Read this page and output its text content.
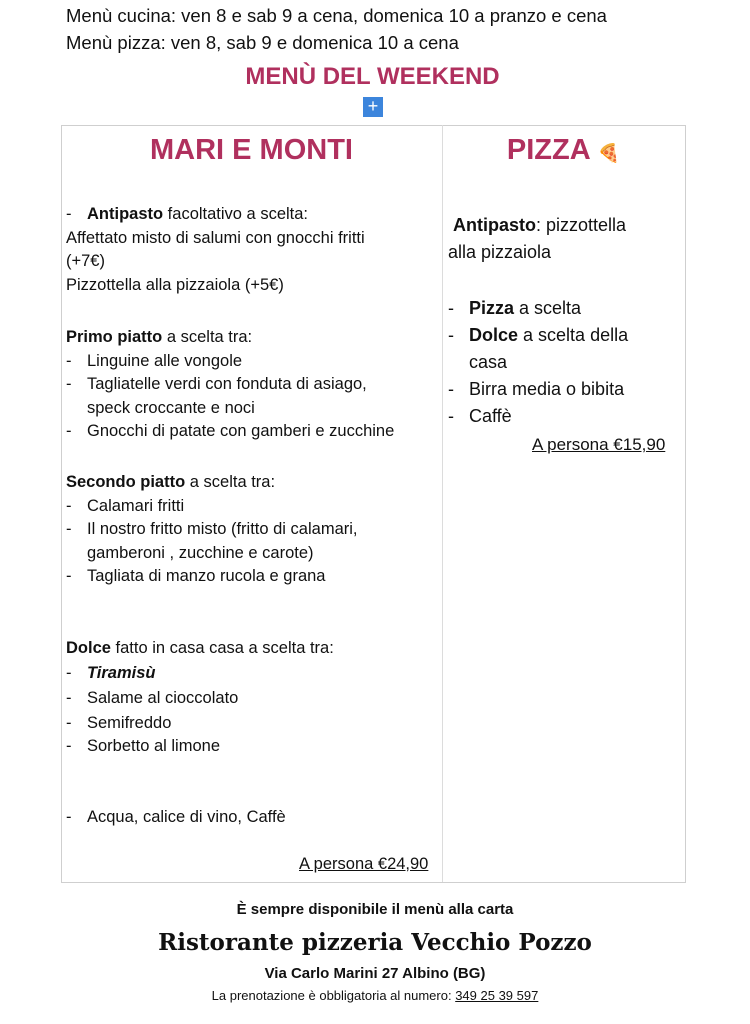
Menù cucina: ven 8 e sab 9 a cena, domenica 10 a pranzo e cena
Menù pizza: ven 8, sab 9 e domenica 10 a cena
MENÙ DEL WEEKEND
+
MARI E MONTI	PIZZA 🍕
- Antipasto facoltativo a scelta:
Affettato misto di salumi con gnocchi fritti
(+7€)
Pizzottella alla pizzaiola (+5€)
Primo piatto a scelta tra:
- Linguine alle vongole
- Tagliatelle verdi con fonduta di asiago,
speck croccante e noci
- Gnocchi di patate con gamberi e zucchine
Secondo piatto a scelta tra:
- Calamari fritti
- Il nostro fritto misto (fritto di calamari,
gamberoni , zucchine e carote)
- Tagliata di manzo rucola e grana
Dolce fatto in casa casa a scelta tra:
- Tiramisù
- Salame al cioccolato
- Semifreddo
- Sorbetto al limone
- Acqua, calice di vino, Caffè
A persona €24,90
Antipasto: pizzottella
alla pizzaiola
- Pizza a scelta
- Dolce a scelta della
casa
- Birra media o bibita
- Caffè
A persona €15,90
È sempre disponibile il menù alla carta
Ristorante pizzeria Vecchio Pozzo
Via Carlo Marini 27 Albino (BG)
La prenotazione è obbligatoria al numero: 349 25 39 597
